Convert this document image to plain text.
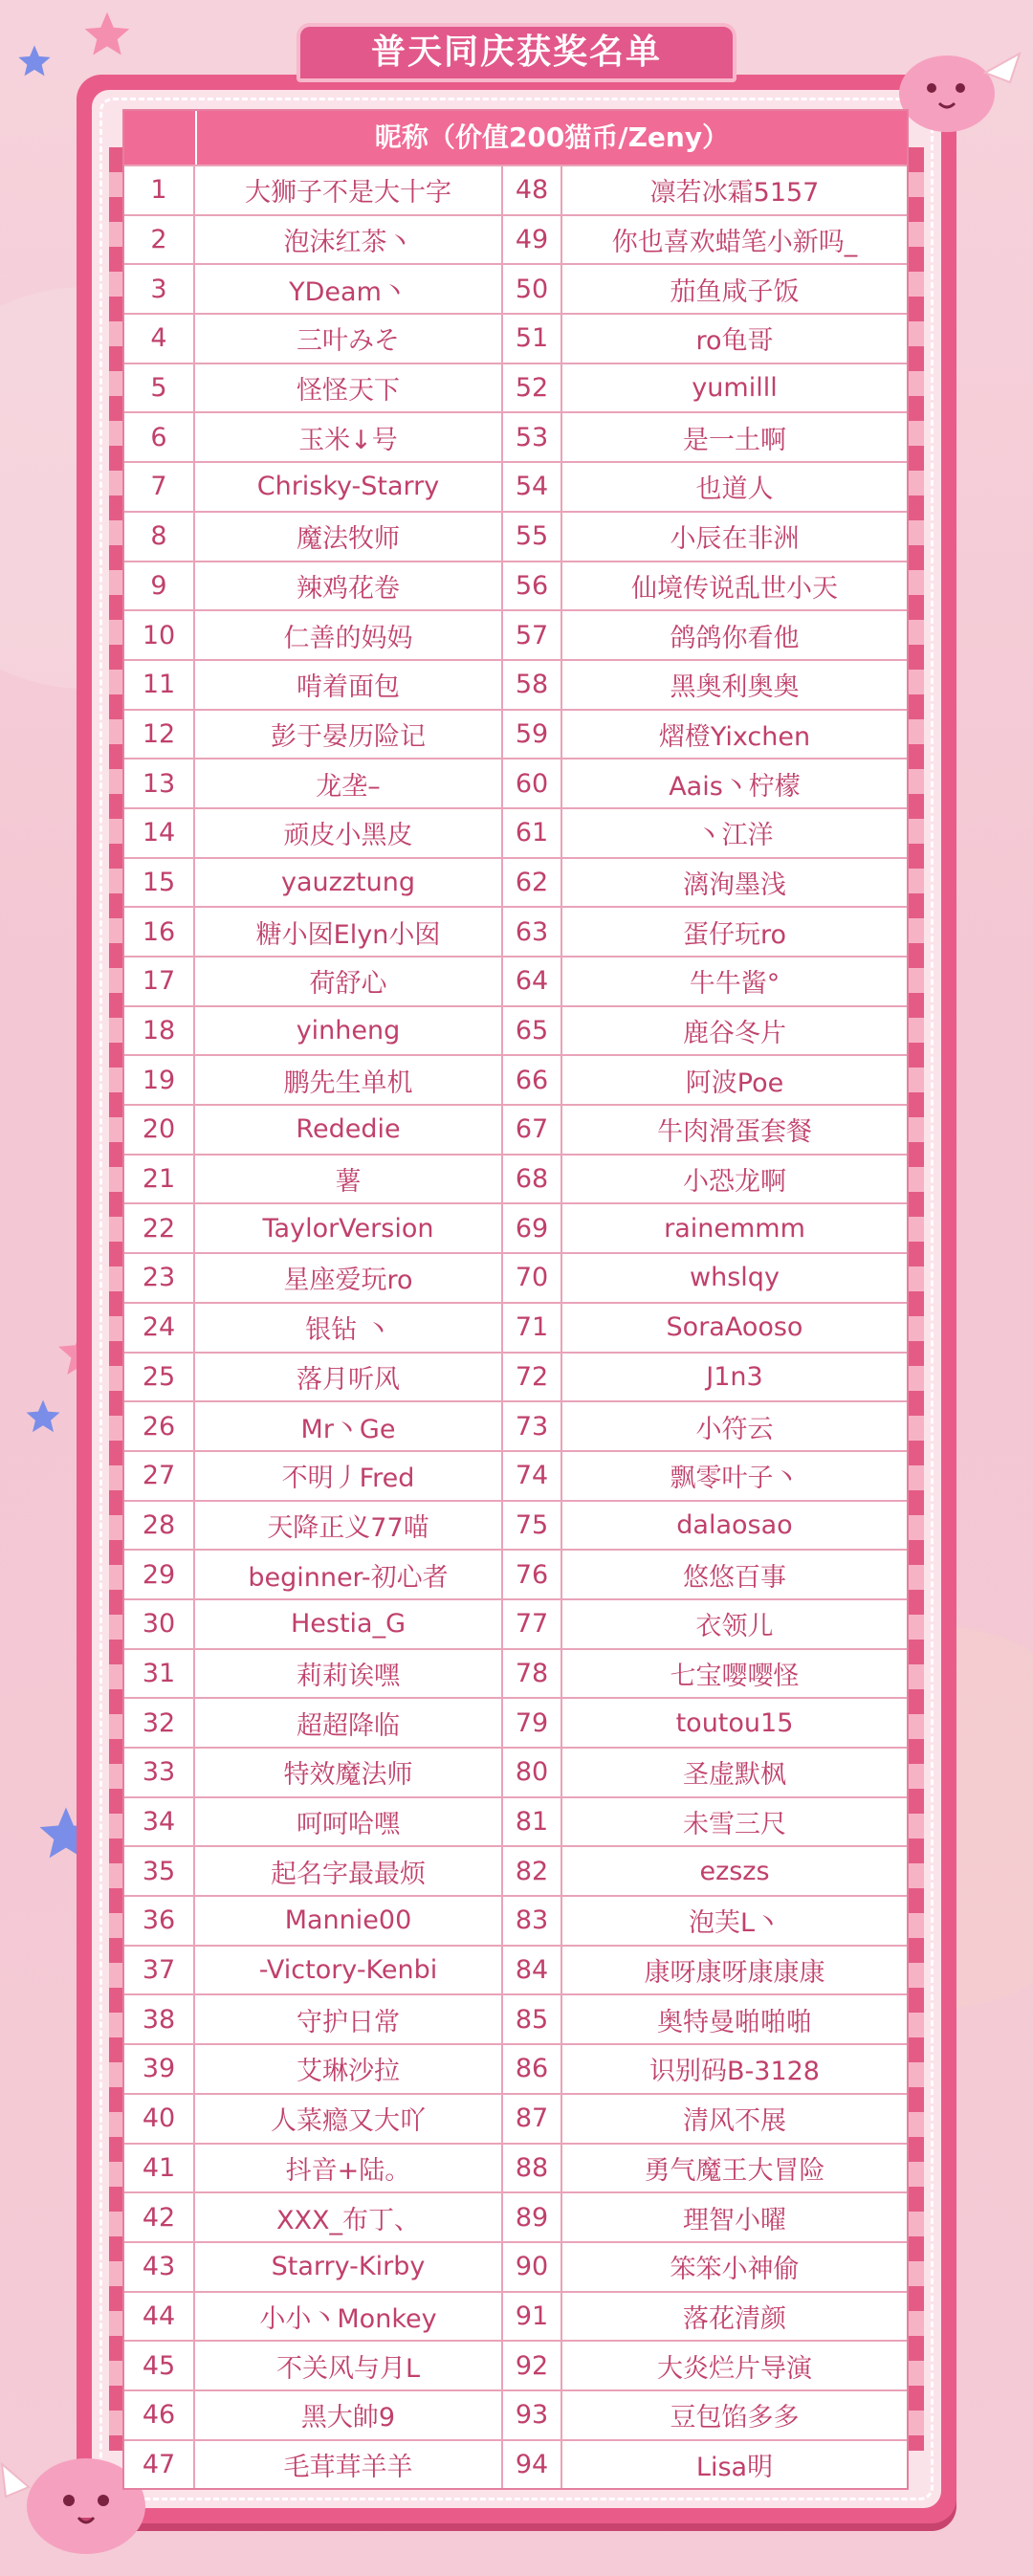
普天同庆获奖名单
昵称（价值200猫币/Zeny）
1	大狮子不是大十字	48	凛若冰霜5157
2	泡沫红茶丶	49	你也喜欢蜡笔小新吗_
3	YDeam丶	50	茄鱼咸子饭
4	三叶みそ	51	ro龟哥
5	怪怪天下	52	yumilll
6	玉米↓号	53	是一土啊
7	Chrisky-Starry	54	也道人
8	魔法牧师	55	小辰在非洲
9	辣鸡花卷	56	仙境传说乱世小天
10	仁善的妈妈	57	鸽鸽你看他
11	啃着面包	58	黑奥利奥奥
12	彭于晏历险记	59	熠橙Yixchen
13	龙垄–	60	Aais丶柠檬
14	顽皮小黑皮	61	丶江洋
15	yauzztung	62	漓洵墨浅
16	糖小囡Elyn小囡	63	蛋仔玩ro
17	荷舒心	64	牛牛酱°
18	yinheng	65	鹿谷冬片
19	鹏先生单机	66	阿波Poe
20	Rededie	67	牛肉滑蛋套餐
21	薯	68	小恐龙啊
22	TaylorVersion	69	rainemmm
23	星座爱玩ro	70	whslqy
24	银钻 丶	71	SoraAooso
25	落月听风	72	J1n3
26	Mr丶Ge	73	小符云
27	不明丿Fred	74	飘零叶子丶
28	天降正义77喵	75	dalaosao
29	beginner-初心者	76	悠悠百事
30	Hestia_G	77	衣领儿
31	莉莉诶嘿	78	七宝嘤嘤怪
32	超超降临	79	toutou15
33	特效魔法师	80	圣虚默枫
34	呵呵哈嘿	81	未雪三尺
35	起名字最最烦	82	ezszs
36	Mannie00	83	泡芙L丶
37	-Victory-Kenbi	84	康呀康呀康康康
38	守护日常	85	奥特曼啪啪啪
39	艾琳沙拉	86	识别码B-3128
40	人菜瘾又大吖	87	清风不展
41	抖音+陆。	88	勇气魔王大冒险
42	XXX_布丁、	89	理智小曜
43	Starry-Kirby	90	笨笨小神偷
44	小小丶Monkey	91	落花清颜
45	不关风与月L	92	大炎烂片导演
46	黑大帥9	93	豆包馅多多
47	毛茸茸羊羊	94	Lisa明
